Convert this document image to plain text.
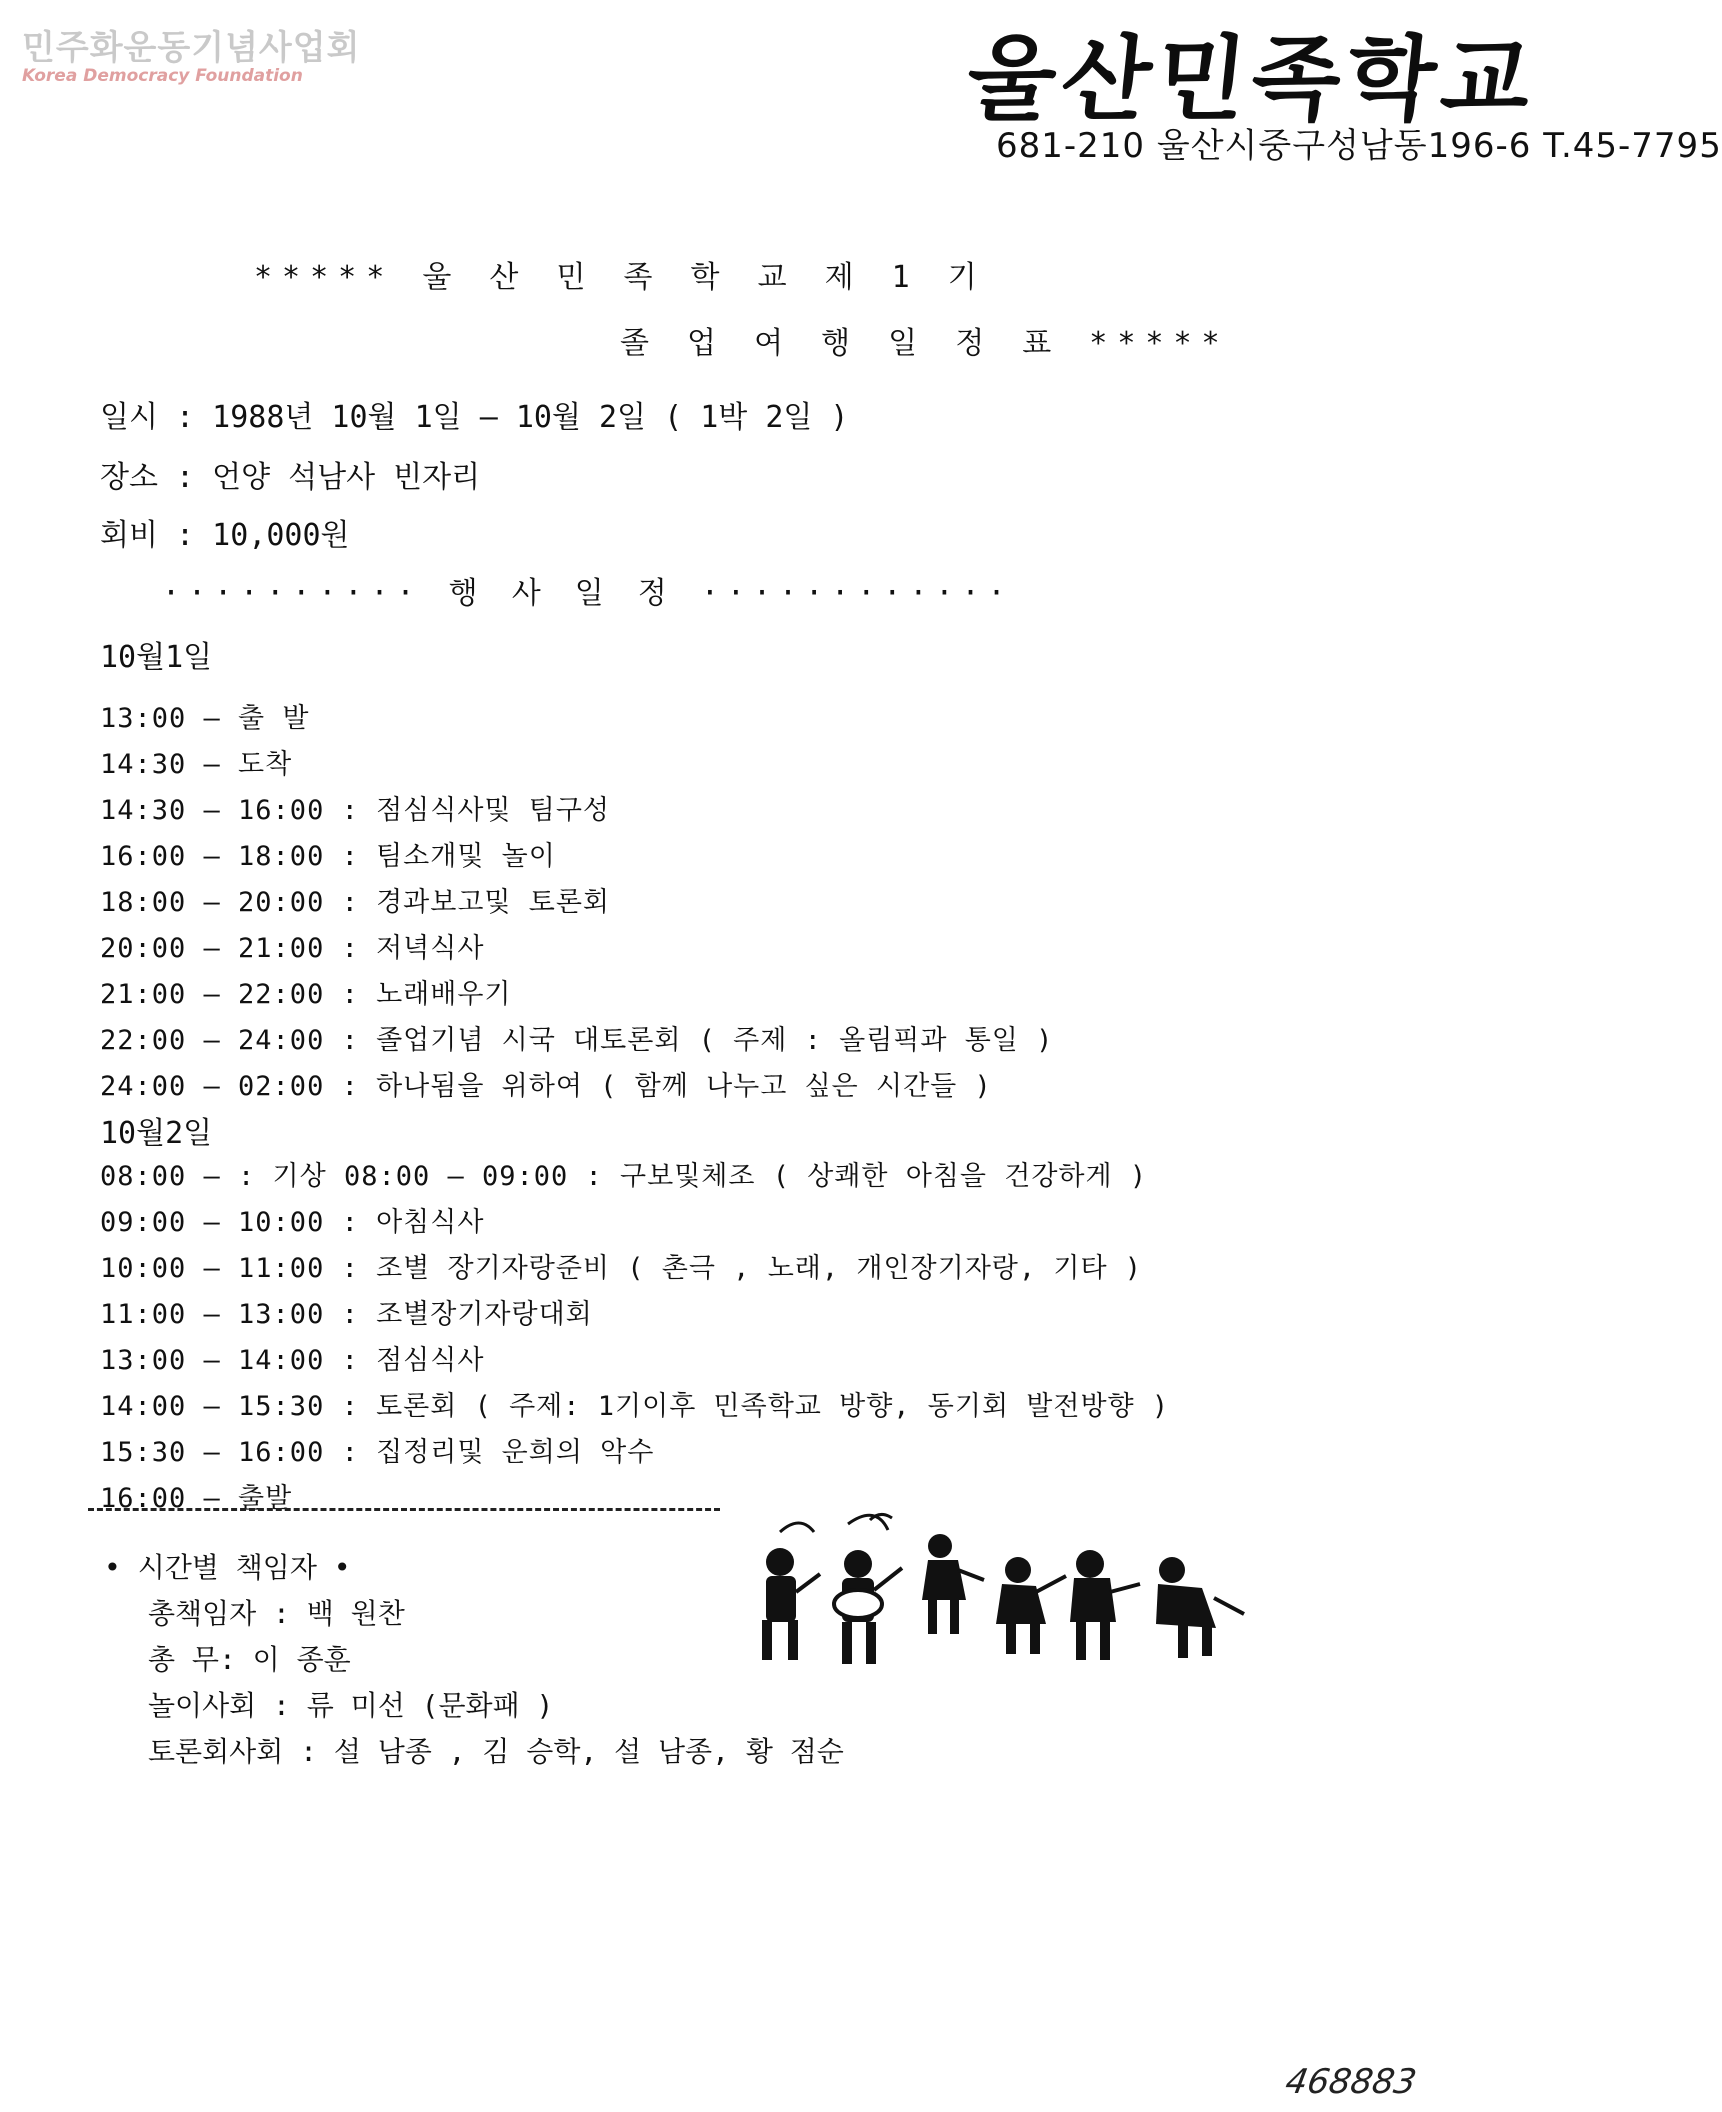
민주화운동기념사업회
Korea Democracy Foundation	울산민족학교
681-210 울산시중구성남동196-6 T.45-7795
***** 울 산 민 족 학 교 제 1 기
졸 업 여 행 일 정 표 *****
일시 : 1988년 10월 1일 — 10월 2일 ( 1박 2일 )
장소 : 언양 석남사 빈자리
회비 : 10,000원
·········· 행 사 일 정 ············
10월1일
13:00 — 출 발
14:30 — 도착
14:30 — 16:00 : 점심식사및 팀구성
16:00 — 18:00 : 팀소개및 놀이
18:00 — 20:00 : 경과보고및 토론회
20:00 — 21:00 : 저녁식사
21:00 — 22:00 : 노래배우기
22:00 — 24:00 : 졸업기념 시국 대토론회 ( 주제 : 올림픽과 통일 )
24:00 — 02:00 : 하나됨을 위하여 ( 함께 나누고 싶은 시간들 )
10월2일
08:00 — : 기상 08:00 — 09:00 : 구보및체조 ( 상쾌한 아침을 건강하게 )
09:00 — 10:00 : 아침식사
10:00 — 11:00 : 조별 장기자랑준비 ( 촌극 , 노래, 개인장기자랑, 기타 )
11:00 — 13:00 : 조별장기자랑대회
13:00 — 14:00 : 점심식사
14:00 — 15:30 : 토론회 ( 주제: 1기이후 민족학교 방향, 동기회 발전방향 )
15:30 — 16:00 : 집정리및 운희의 악수
16:00 — 출발
• 시간별 책임자 •
총책임자 : 백 원찬
총 무: 이 종훈
놀이사회 : 류 미선 (문화패 )
토론회사회 : 설 남종 , 김 승학, 설 남종, 황 점순
468883
